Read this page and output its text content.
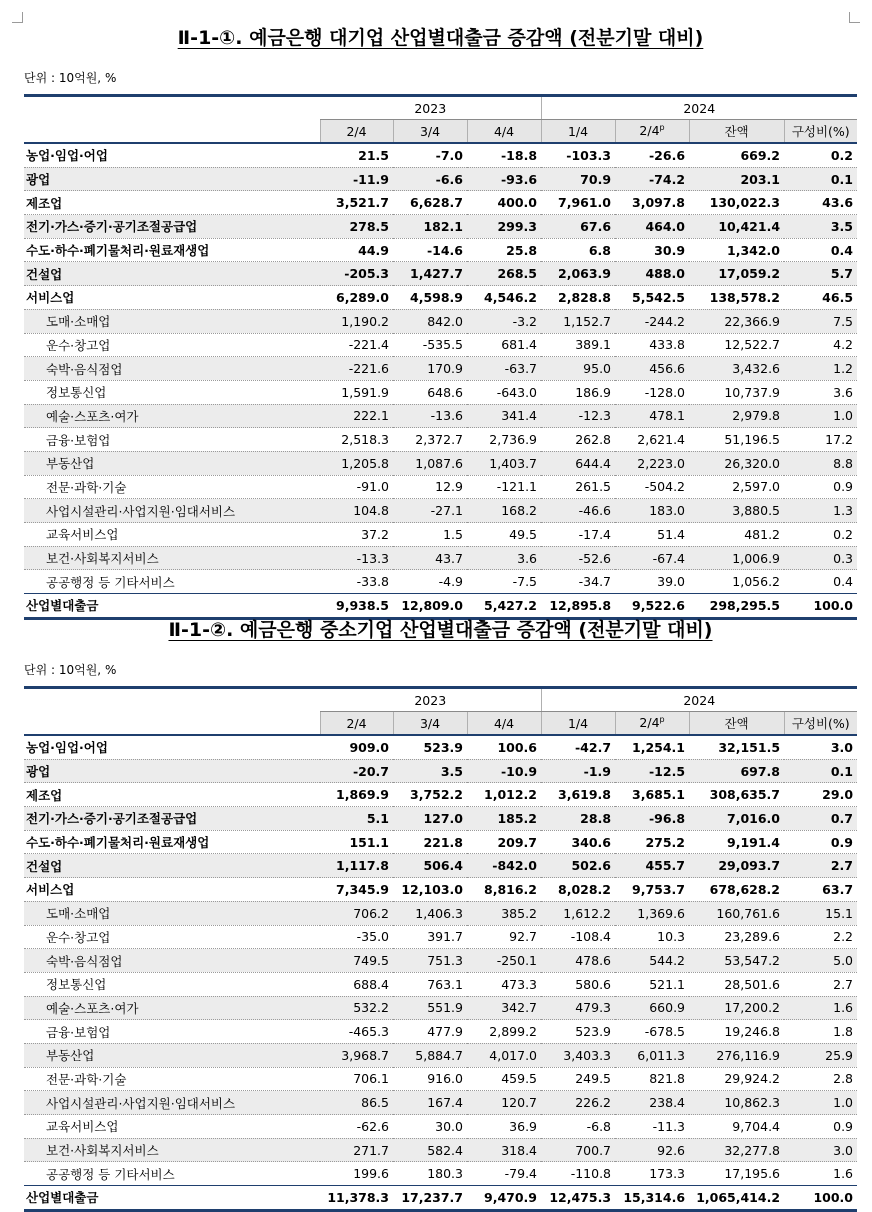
Ⅱ-1-①. 예금은행 대기업 산업별대출금 증감액 (전분기말 대비)
단위 : 10억원, %
	2023			2024			
	2/4	3/4	4/4	1/4	2/4$^p$	잔액	구성비(%)
농업·임업·어업	21.5	-7.0	-18.8	-103.3	-26.6	669.2	0.2
광업	-11.9	-6.6	-93.6	70.9	-74.2	203.1	0.1
제조업	3,521.7	6,628.7	400.0	7,961.0	3,097.8	130,022.3	43.6
전기·가스·증기·공기조절공급업	278.5	182.1	299.3	67.6	464.0	10,421.4	3.5
수도·하수·폐기물처리·원료재생업	44.9	-14.6	25.8	6.8	30.9	1,342.0	0.4
건설업	-205.3	1,427.7	268.5	2,063.9	488.0	17,059.2	5.7
서비스업	6,289.0	4,598.9	4,546.2	2,828.8	5,542.5	138,578.2	46.5
도매·소매업	1,190.2	842.0	-3.2	1,152.7	-244.2	22,366.9	7.5
운수·창고업	-221.4	-535.5	681.4	389.1	433.8	12,522.7	4.2
숙박·음식점업	-221.6	170.9	-63.7	95.0	456.6	3,432.6	1.2
정보통신업	1,591.9	648.6	-643.0	186.9	-128.0	10,737.9	3.6
예술·스포츠·여가	222.1	-13.6	341.4	-12.3	478.1	2,979.8	1.0
금융·보험업	2,518.3	2,372.7	2,736.9	262.8	2,621.4	51,196.5	17.2
부동산업	1,205.8	1,087.6	1,403.7	644.4	2,223.0	26,320.0	8.8
전문·과학·기술	-91.0	12.9	-121.1	261.5	-504.2	2,597.0	0.9
사업시설관리·사업지원·임대서비스	104.8	-27.1	168.2	-46.6	183.0	3,880.5	1.3
교육서비스업	37.2	1.5	49.5	-17.4	51.4	481.2	0.2
보건·사회복지서비스	-13.3	43.7	3.6	-52.6	-67.4	1,006.9	0.3
공공행정 등 기타서비스	-33.8	-4.9	-7.5	-34.7	39.0	1,056.2	0.4
산업별대출금	9,938.5	12,809.0	5,427.2	12,895.8	9,522.6	298,295.5	100.0
Ⅱ-1-②. 예금은행 중소기업 산업별대출금 증감액 (전분기말 대비)
단위 : 10억원, %
	2023			2024			
	2/4	3/4	4/4	1/4	2/4$^p$	잔액	구성비(%)
농업·임업·어업	909.0	523.9	100.6	-42.7	1,254.1	32,151.5	3.0
광업	-20.7	3.5	-10.9	-1.9	-12.5	697.8	0.1
제조업	1,869.9	3,752.2	1,012.2	3,619.8	3,685.1	308,635.7	29.0
전기·가스·증기·공기조절공급업	5.1	127.0	185.2	28.8	-96.8	7,016.0	0.7
수도·하수·폐기물처리·원료재생업	151.1	221.8	209.7	340.6	275.2	9,191.4	0.9
건설업	1,117.8	506.4	-842.0	502.6	455.7	29,093.7	2.7
서비스업	7,345.9	12,103.0	8,816.2	8,028.2	9,753.7	678,628.2	63.7
도매·소매업	706.2	1,406.3	385.2	1,612.2	1,369.6	160,761.6	15.1
운수·창고업	-35.0	391.7	92.7	-108.4	10.3	23,289.6	2.2
숙박·음식점업	749.5	751.3	-250.1	478.6	544.2	53,547.2	5.0
정보통신업	688.4	763.1	473.3	580.6	521.1	28,501.6	2.7
예술·스포츠·여가	532.2	551.9	342.7	479.3	660.9	17,200.2	1.6
금융·보험업	-465.3	477.9	2,899.2	523.9	-678.5	19,246.8	1.8
부동산업	3,968.7	5,884.7	4,017.0	3,403.3	6,011.3	276,116.9	25.9
전문·과학·기술	706.1	916.0	459.5	249.5	821.8	29,924.2	2.8
사업시설관리·사업지원·임대서비스	86.5	167.4	120.7	226.2	238.4	10,862.3	1.0
교육서비스업	-62.6	30.0	36.9	-6.8	-11.3	9,704.4	0.9
보건·사회복지서비스	271.7	582.4	318.4	700.7	92.6	32,277.8	3.0
공공행정 등 기타서비스	199.6	180.3	-79.4	-110.8	173.3	17,195.6	1.6
산업별대출금	11,378.3	17,237.7	9,470.9	12,475.3	15,314.6	1,065,414.2	100.0
